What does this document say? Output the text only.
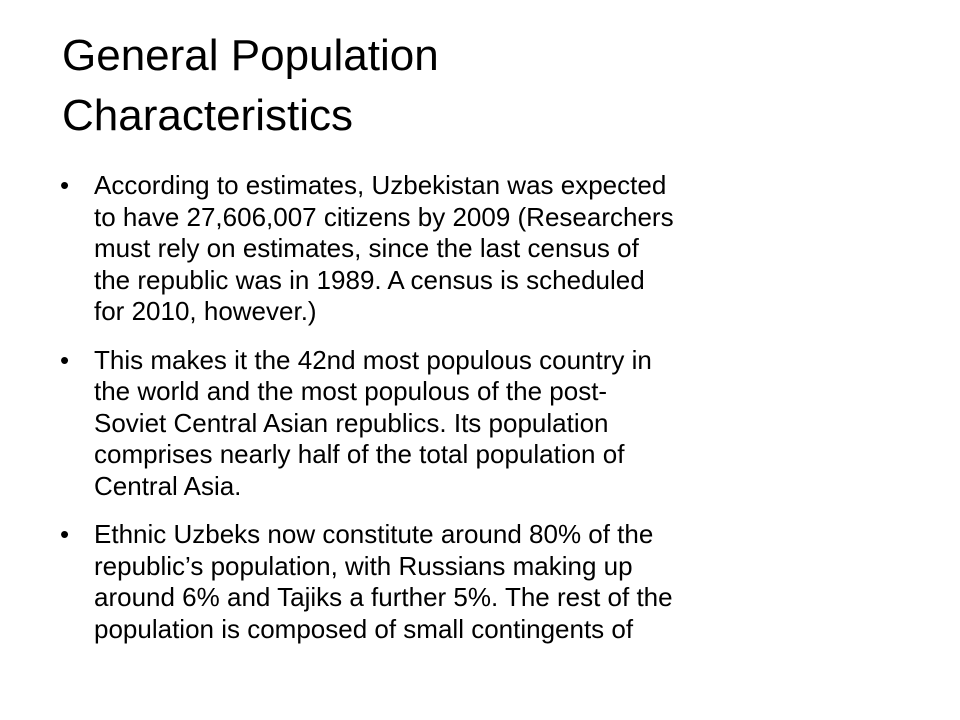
General Population
Characteristics
• According to estimates, Uzbekistan was expected
to have 27,606,007 citizens by 2009 (Researchers
must rely on estimates, since the last census of
the republic was in 1989. A census is scheduled
for 2010, however.)
• This makes it the 42nd most populous country in
the world and the most populous of the post-
Soviet Central Asian republics. Its population
comprises nearly half of the total population of
Central Asia.
• Ethnic Uzbeks now constitute around 80% of the
republic’s population, with Russians making up
around 6% and Tajiks a further 5%. The rest of the
population is composed of small contingents of
